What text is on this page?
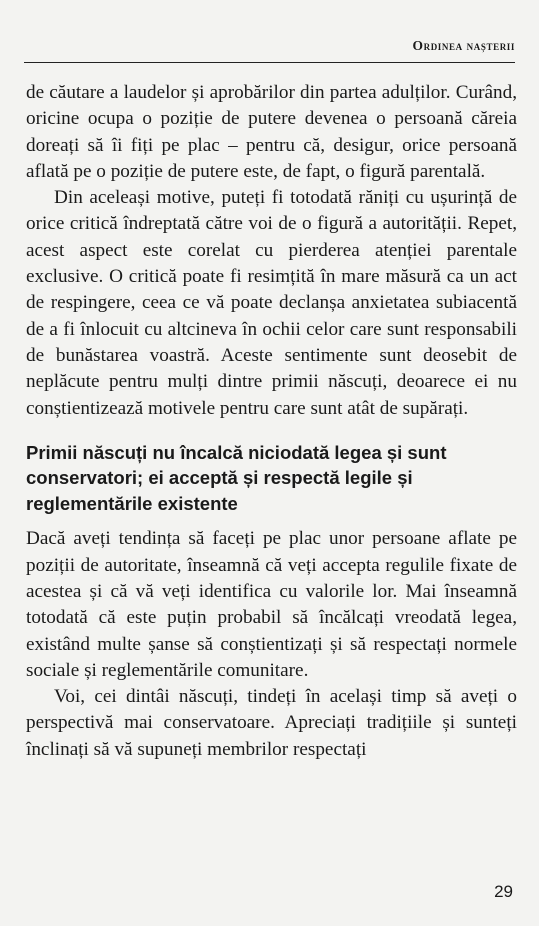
Ordinea nașterii

de căutare a laudelor și aprobărilor din partea adulților. Curând, oricine ocupa o poziție de putere devenea o persoană căreia doreați să îi fiți pe plac – pentru că, desigur, orice persoană aflată pe o poziție de putere este, de fapt, o figură parentală.

Din aceleași motive, puteți fi totodată răniți cu ușurință de orice critică îndreptată către voi de o figură a autorității. Repet, acest aspect este corelat cu pierderea atenției parentale exclusive. O critică poate fi resimțită în mare măsură ca un act de respingere, ceea ce vă poate declanșa anxietatea subiacentă de a fi înlocuit cu altcineva în ochii celor care sunt responsabili de bunăstarea voastră. Aceste sentimente sunt deosebit de neplăcute pentru mulți dintre primii născuți, deoarece ei nu conștientizează motivele pentru care sunt atât de supărați.

Primii născuți nu încalcă niciodată legea și sunt conservatori; ei acceptă și respectă legile și reglementările existente

Dacă aveți tendința să faceți pe plac unor persoane aflate pe poziții de autoritate, înseamnă că veți accepta regulile fixate de acestea și că vă veți identifica cu valorile lor. Mai înseamnă totodată că este puțin probabil să încălcați vreodată legea, existând multe șanse să conștientizați și să respectați normele sociale și reglementările comunitare.

Voi, cei dintâi născuți, tindeți în același timp să aveți o perspectivă mai conservatoare. Apreciați tradițiile și sunteți înclinați să vă supuneți membrilor respectați

29
